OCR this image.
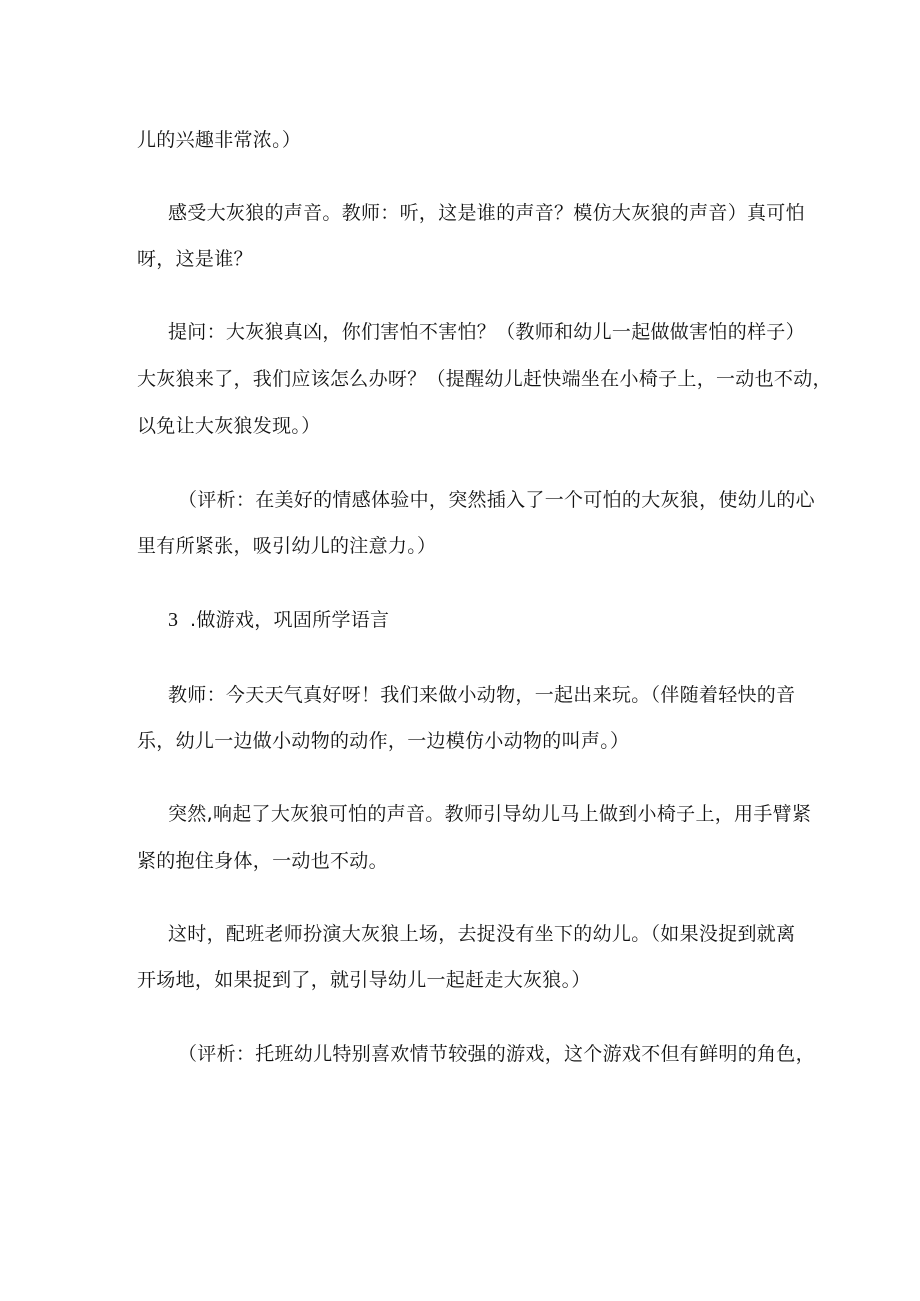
儿的兴趣非常浓。）
感受大灰狼的声音。教师：听，这是谁的声音？模仿大灰狼的声音）真可怕
呀，这是谁？
提问：大灰狼真凶，你们害怕不害怕？（教师和幼儿一起做做害怕的样子）
大灰狼来了，我们应该怎么办呀？（提醒幼儿赶快端坐在小椅子上，一动也不动，
以免让大灰狼发现。）
（评析：在美好的情感体验中，突然插入了一个可怕的大灰狼，使幼儿的心
里有所紧张，吸引幼儿的注意力。）
3 .做游戏，巩固所学语言
教师：今天天气真好呀！我们来做小动物，一起出来玩。（伴随着轻快的音
乐，幼儿一边做小动物的动作，一边模仿小动物的叫声。）
突然,响起了大灰狼可怕的声音。教师引导幼儿马上做到小椅子上，用手臂紧
紧的抱住身体，一动也不动。
这时，配班老师扮演大灰狼上场，去捉没有坐下的幼儿。（如果没捉到就离
开场地，如果捉到了，就引导幼儿一起赶走大灰狼。）
（评析：托班幼儿特别喜欢情节较强的游戏，这个游戏不但有鲜明的角色，
